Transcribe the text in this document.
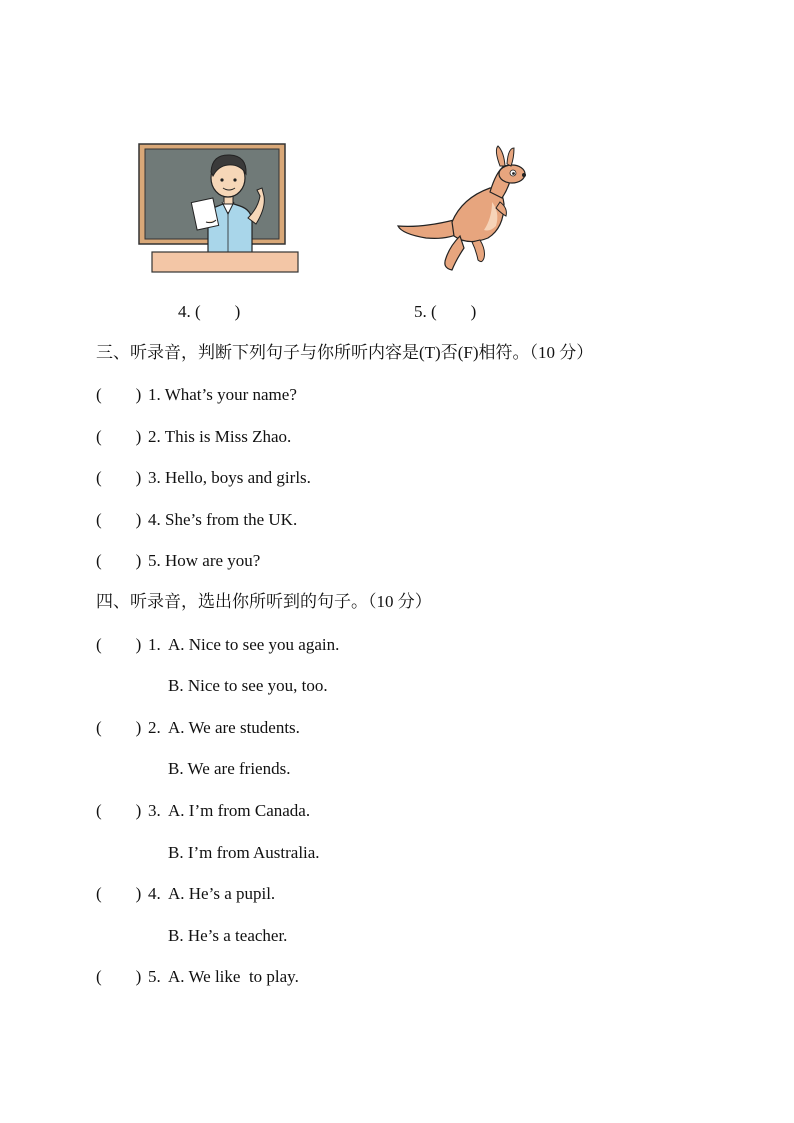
4. (        )	5. (        )
三、听录音，判断下列句子与你所听内容是(T)否(F)相符。（10 分）
(        ) 1. What’s your name?
(        ) 2. This is Miss Zhao.
(        ) 3. Hello, boys and girls.
(        ) 4. She’s from the UK.
(        ) 5. How are you?
四、听录音，选出你所听到的句子。（10 分）
(        ) 1. A. Nice to see you again.
B. Nice to see you, too.
(        ) 2. A. We are students.
B. We are friends.
(        ) 3. A. I’m from Canada.
B. I’m from Australia.
(        ) 4. A. He’s a pupil.
B. He’s a teacher.
(        ) 5. A. We like  to play.
